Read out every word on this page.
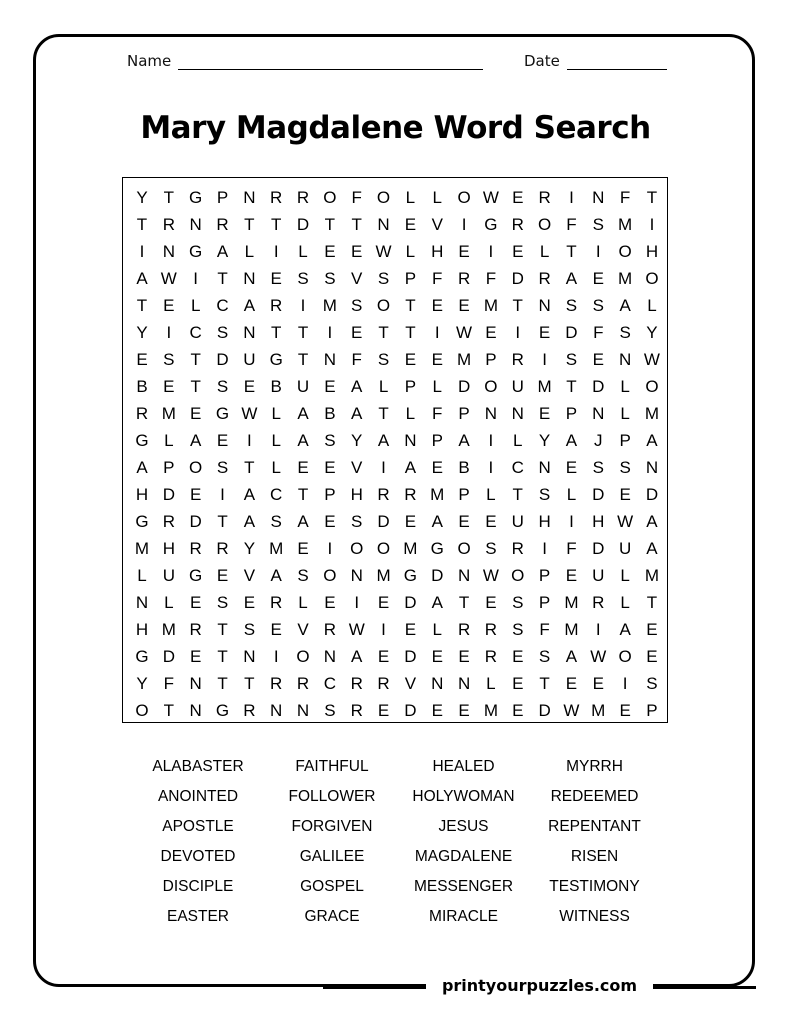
Name	Date
Mary Magdalene Word Search
Y T G P N R R O F O L	L O W E R	I	N F T
T R N R T T D T T N E V	I	G R O F S M	I
I	N G A L	I	L E E W L H E	I	E L T	I	O H
A W I	T N E S S V S P F R F D R A E M O
T E L C A R	I	M S O T E E M T N S S A L
Y	I	C S N T T	I	E T T	I W E	I	E D F S Y
E S T D U G T N F S E E M P R	I	S E N W
B E T S E B U E A L P L D O U M T D L O
R M E G W L A B A T L F P N N E P N L M
G L A E	I	L A S Y A N P A	I	L Y A J P A
A P O S T L E E V	I	A E B	I	C N E S S N
H D E	I	A C T P H R R M P L T S L D E D
G R D T A S A E S D E A E E U H	I	H W A
M H R R Y M E	I	O O M G O S R	I	F D U A
L U G E V A S O N M G D N W O P E U L M
N L E S E R L E	I	E D A T E S P M R L T
H M R T S E V R W I	E L R R S F M	I	A E
G D E T N	I	O N A E D E E R E S A W O E
Y F N T T R R C R R V N N L E T E E	I	S
O T N G R N N S R E D E E M E D W M E P
ALABASTER	FAITHFUL	HEALED	MYRRH
ANOINTED	FOLLOWER	HOLYWOMAN	REDEEMED
APOSTLE	FORGIVEN	JESUS	REPENTANT
DEVOTED	GALILEE	MAGDALENE	RISEN
DISCIPLE	GOSPEL	MESSENGER	TESTIMONY
EASTER	GRACE	MIRACLE	WITNESS
printyourpuzzles.com
